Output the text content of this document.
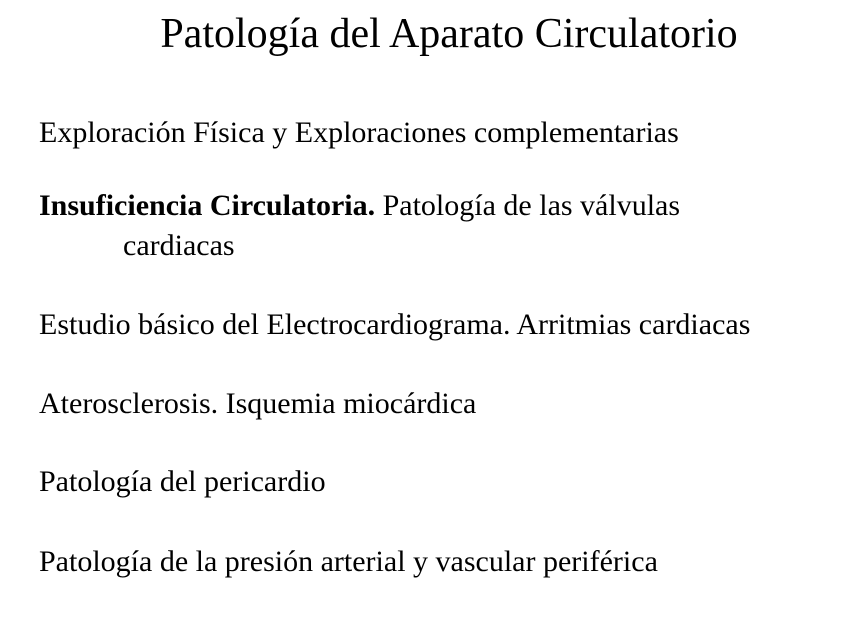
Patología del Aparato Circulatorio
Exploración Física y Exploraciones complementarias
Insuficiencia Circulatoria. Patología de las válvulas
cardiacas
Estudio básico del Electrocardiograma. Arritmias cardiacas
Aterosclerosis. Isquemia miocárdica
Patología del pericardio
Patología de la presión arterial y vascular periférica
